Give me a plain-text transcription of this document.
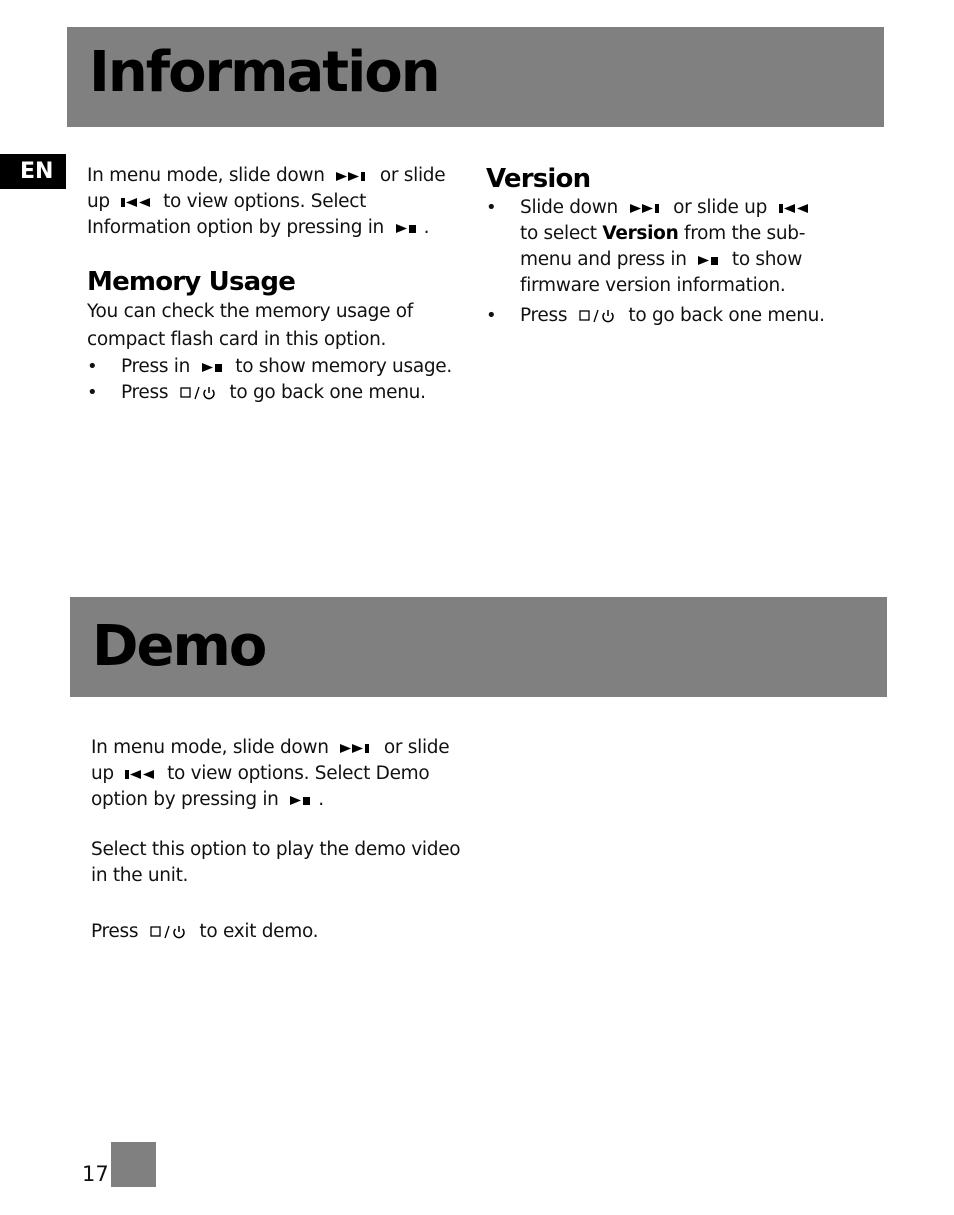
Information
EN	In menu mode, slide down	or slide up	to view options. Select Information option by pressing in .

Memory Usage

You can check the memory usage of compact flash card in this option.

• Press in to show memory usage.
• Press	to go back one menu.
Version
• Slide down	or slide up
to select Version from the sub-menu and press in to show firmware version information.
• Press	to go back one menu.
Demo

In menu mode, slide down	or slide up	to view options. Select Demo option by pressing in .

Select this option to play the demo video in the unit.

Press	to exit demo.

17
